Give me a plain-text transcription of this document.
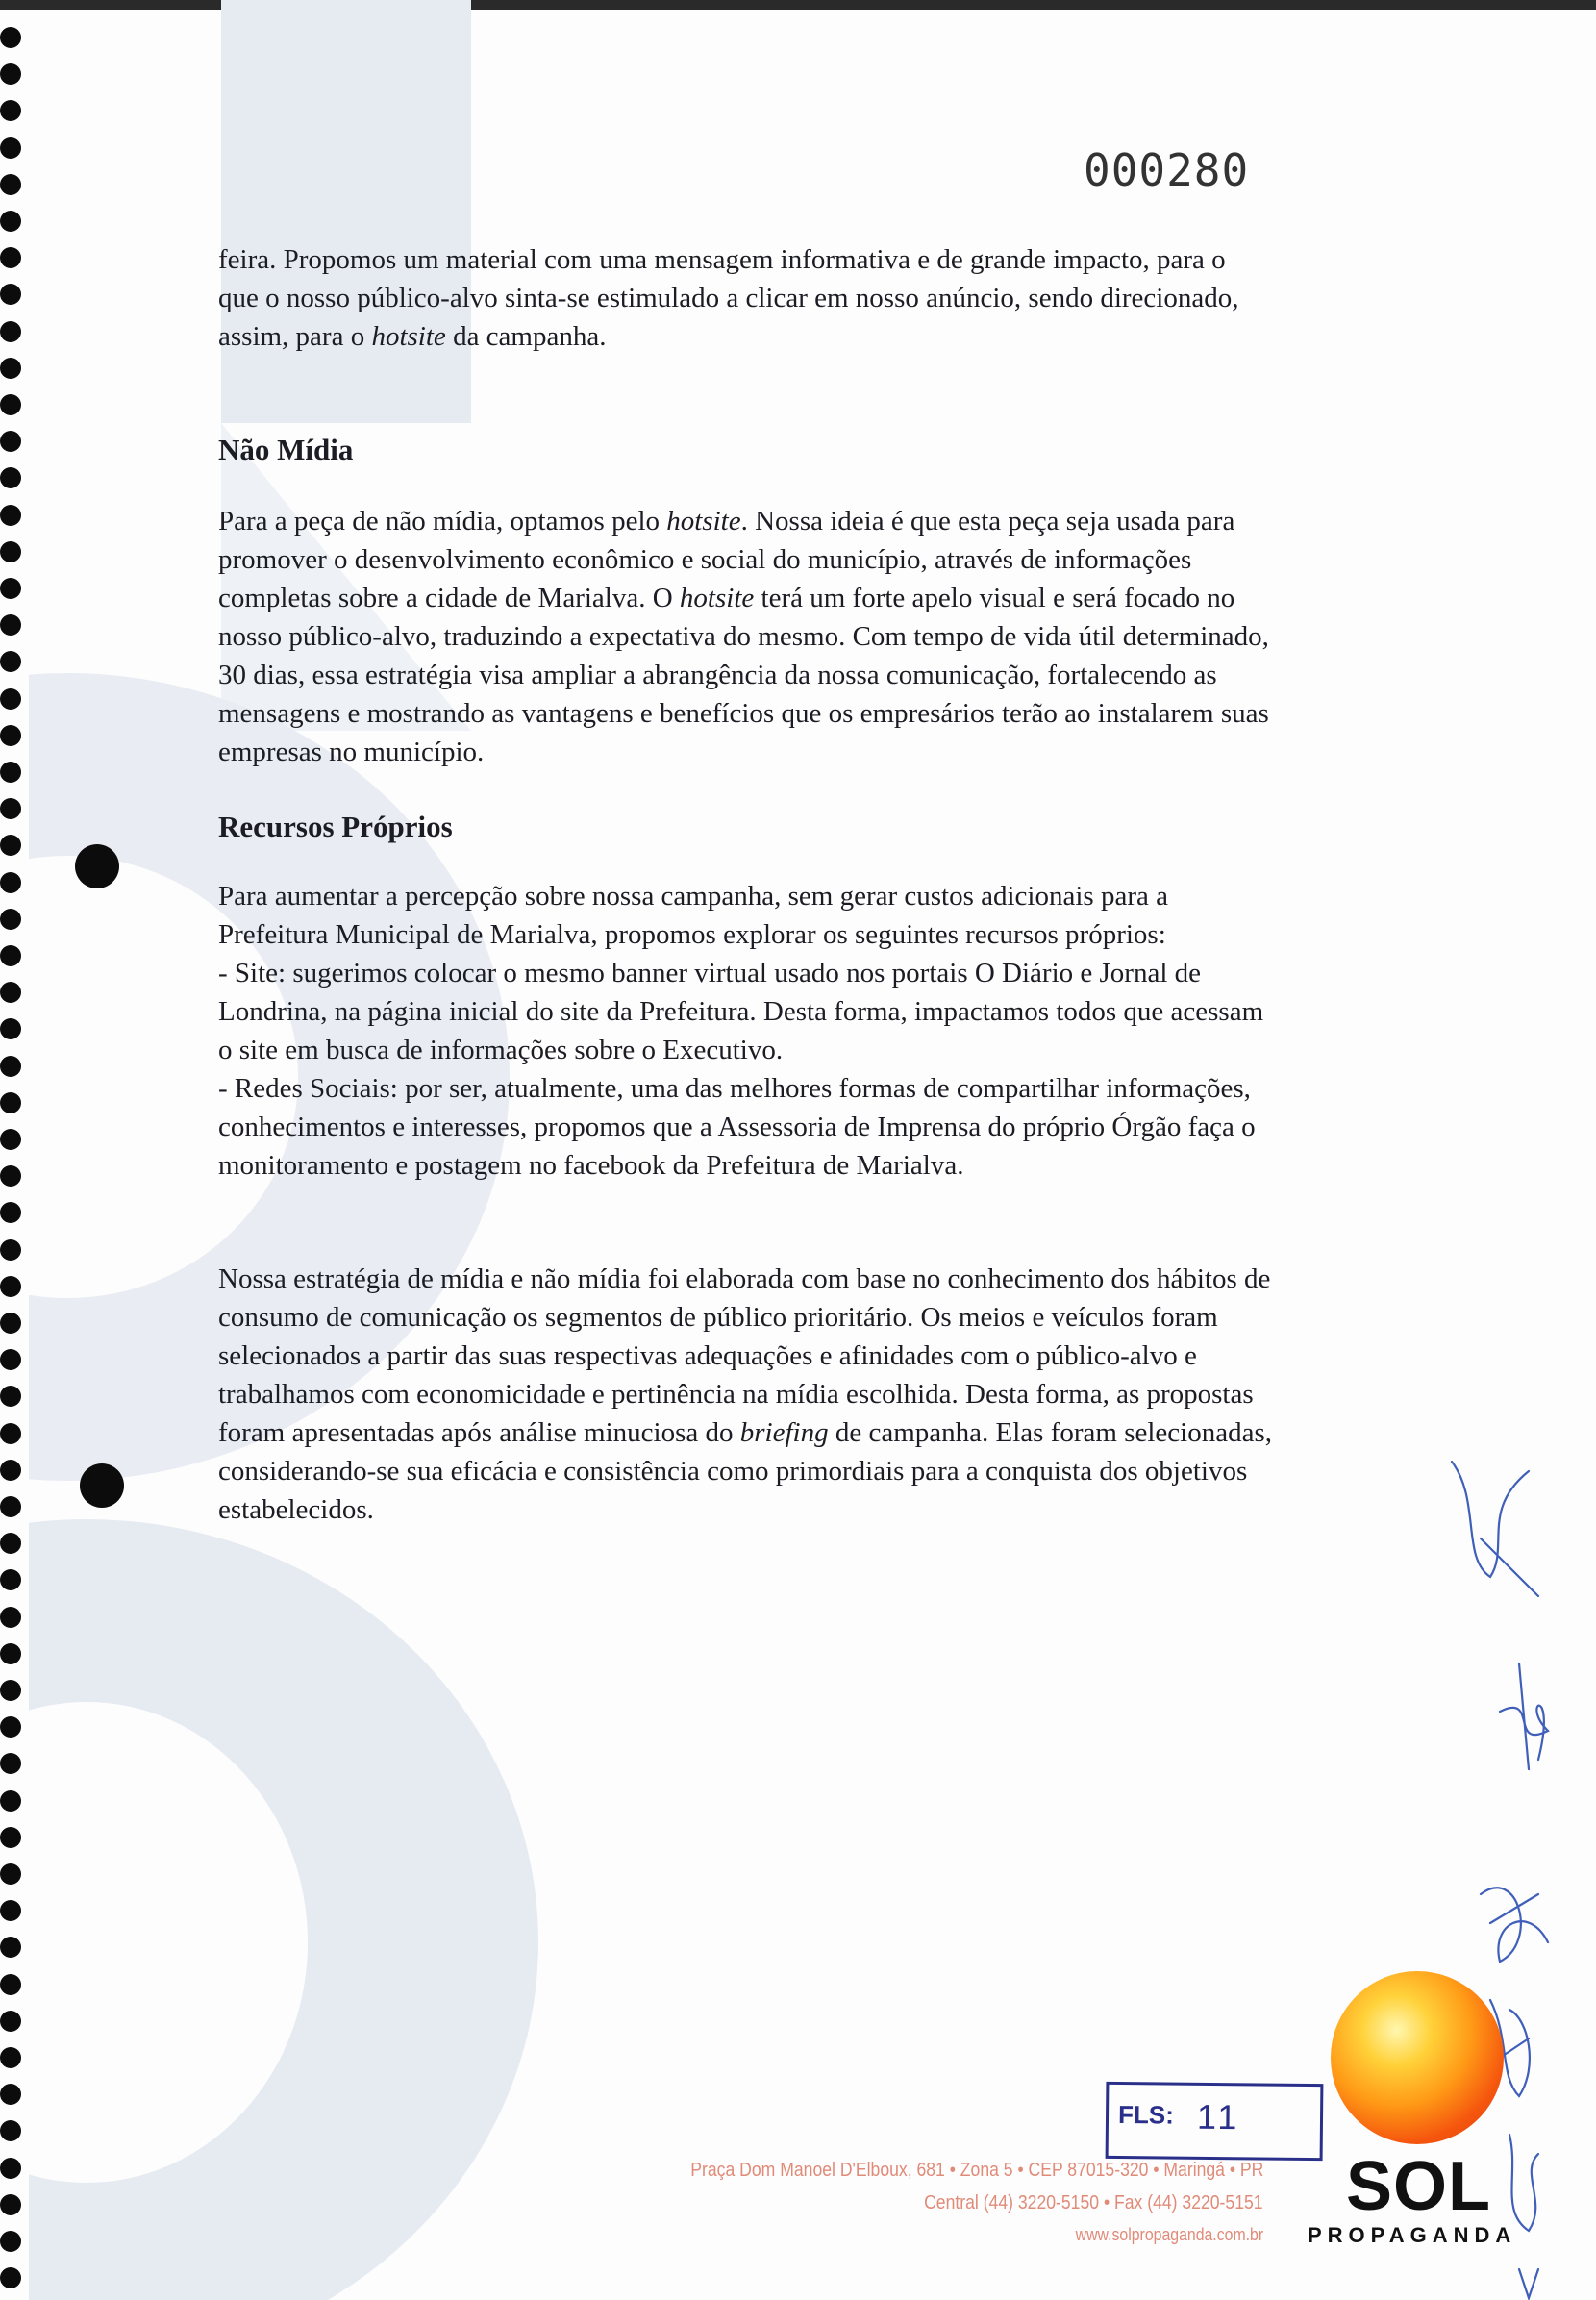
000280

feira. Propomos um material com uma mensagem informativa e de grande impacto, para o
que o nosso público-alvo sinta-se estimulado a clicar em nosso anúncio, sendo direcionado,
assim, para o hotsite da campanha.

Não Mídia

Para a peça de não mídia, optamos pelo hotsite. Nossa ideia é que esta peça seja usada para
promover o desenvolvimento econômico e social do município, através de informações
completas sobre a cidade de Marialva. O hotsite terá um forte apelo visual e será focado no
nosso público-alvo, traduzindo a expectativa do mesmo. Com tempo de vida útil determinado,
30 dias, essa estratégia visa ampliar a abrangência da nossa comunicação, fortalecendo as
mensagens e mostrando as vantagens e benefícios que os empresários terão ao instalarem suas
empresas no município.

Recursos Próprios

Para aumentar a percepção sobre nossa campanha, sem gerar custos adicionais para a
Prefeitura Municipal de Marialva, propomos explorar os seguintes recursos próprios:
- Site: sugerimos colocar o mesmo banner virtual usado nos portais O Diário e Jornal de
Londrina, na página inicial do site da Prefeitura. Desta forma, impactamos todos que acessam
o site em busca de informações sobre o Executivo.
- Redes Sociais: por ser, atualmente, uma das melhores formas de compartilhar informações,
conhecimentos e interesses, propomos que a Assessoria de Imprensa do próprio Órgão faça o
monitoramento e postagem no facebook da Prefeitura de Marialva.

Nossa estratégia de mídia e não mídia foi elaborada com base no conhecimento dos hábitos de
consumo de comunicação os segmentos de público prioritário. Os meios e veículos foram
selecionados a partir das suas respectivas adequações e afinidades com o público-alvo e
trabalhamos com economicidade e pertinência na mídia escolhida. Desta forma, as propostas
foram apresentadas após análise minuciosa do briefing de campanha. Elas foram selecionadas,
considerando-se sua eficácia e consistência como primordiais para a conquista dos objetivos
estabelecidos.

FLS: 11
Praça Dom Manoel D'Elboux, 681 • Zona 5 • CEP 87015-320 • Maringá • PR
Central (44) 3220-5150 • Fax (44) 3220-5151
www.solpropaganda.com.br
SOL
PROPAGANDA
